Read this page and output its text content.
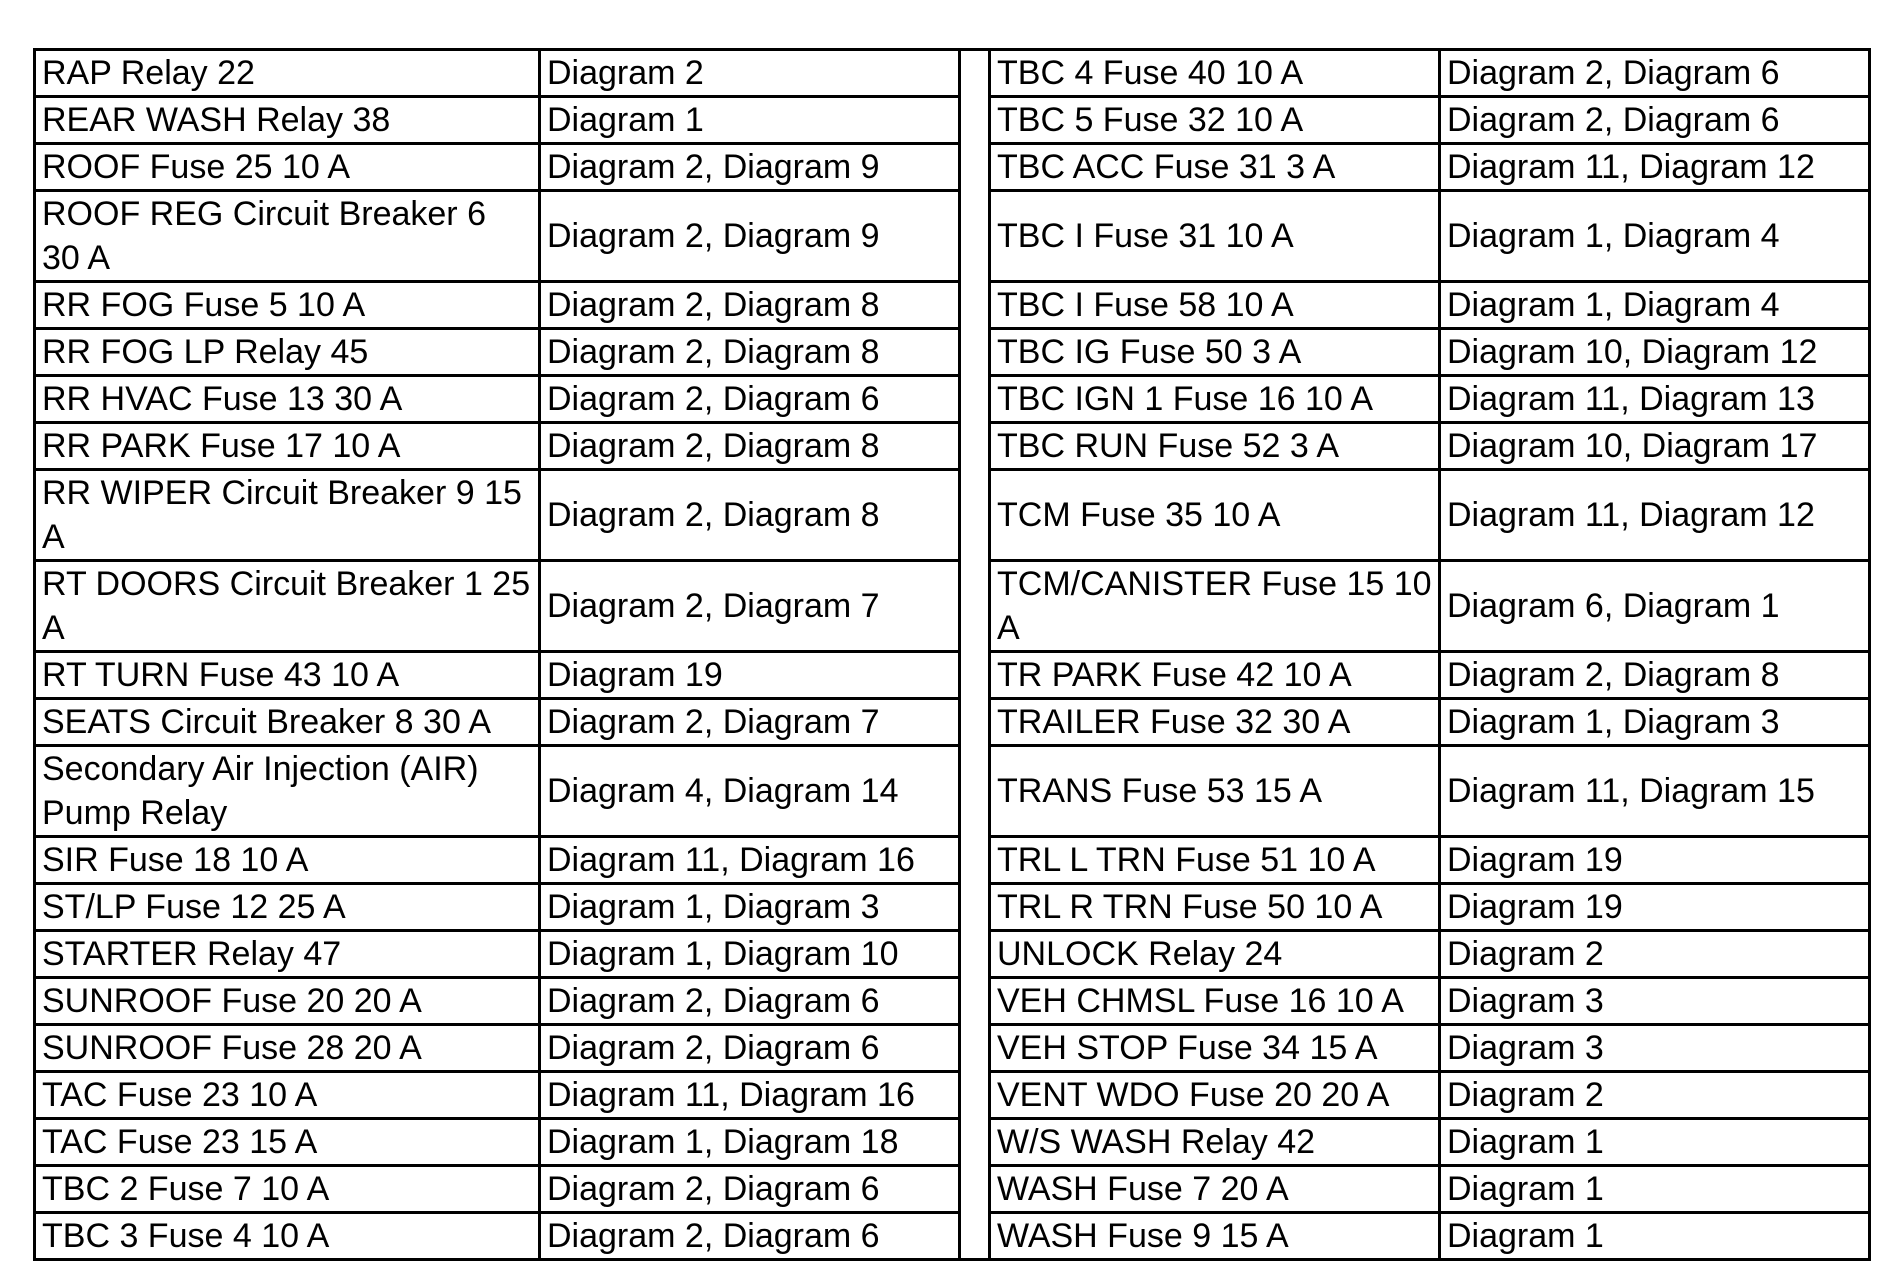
RAP Relay 22	Diagram 2		TBC 4 Fuse 40 10 A	Diagram 2, Diagram 6
REAR WASH Relay 38	Diagram 1		TBC 5 Fuse 32 10 A	Diagram 2, Diagram 6
ROOF Fuse 25 10 A	Diagram 2, Diagram 9		TBC ACC Fuse 31 3 A	Diagram 11, Diagram 12
ROOF REG Circuit Breaker 6 30 A	Diagram 2, Diagram 9		TBC I Fuse 31 10 A	Diagram 1, Diagram 4
RR FOG Fuse 5 10 A	Diagram 2, Diagram 8		TBC I Fuse 58 10 A	Diagram 1, Diagram 4
RR FOG LP Relay 45	Diagram 2, Diagram 8		TBC IG Fuse 50 3 A	Diagram 10, Diagram 12
RR HVAC Fuse 13 30 A	Diagram 2, Diagram 6		TBC IGN 1 Fuse 16 10 A	Diagram 11, Diagram 13
RR PARK Fuse 17 10 A	Diagram 2, Diagram 8		TBC RUN Fuse 52 3 A	Diagram 10, Diagram 17
RR WIPER Circuit Breaker 9 15 A	Diagram 2, Diagram 8		TCM Fuse 35 10 A	Diagram 11, Diagram 12
RT DOORS Circuit Breaker 1 25 A	Diagram 2, Diagram 7		TCM/CANISTER Fuse 15 10 A	Diagram 6, Diagram 1
RT TURN Fuse 43 10 A	Diagram 19		TR PARK Fuse 42 10 A	Diagram 2, Diagram 8
SEATS Circuit Breaker 8 30 A	Diagram 2, Diagram 7		TRAILER Fuse 32 30 A	Diagram 1, Diagram 3
Secondary Air Injection (AIR) Pump Relay	Diagram 4, Diagram 14		TRANS Fuse 53 15 A	Diagram 11, Diagram 15
SIR Fuse 18 10 A	Diagram 11, Diagram 16		TRL L TRN Fuse 51 10 A	Diagram 19
ST/LP Fuse 12 25 A	Diagram 1, Diagram 3		TRL R TRN Fuse 50 10 A	Diagram 19
STARTER Relay 47	Diagram 1, Diagram 10		UNLOCK Relay 24	Diagram 2
SUNROOF Fuse 20 20 A	Diagram 2, Diagram 6		VEH CHMSL Fuse 16 10 A	Diagram 3
SUNROOF Fuse 28 20 A	Diagram 2, Diagram 6		VEH STOP Fuse 34 15 A	Diagram 3
TAC Fuse 23 10 A	Diagram 11, Diagram 16		VENT WDO Fuse 20 20 A	Diagram 2
TAC Fuse 23 15 A	Diagram 1, Diagram 18		W/S WASH Relay 42	Diagram 1
TBC 2 Fuse 7 10 A	Diagram 2, Diagram 6		WASH Fuse 7 20 A	Diagram 1
TBC 3 Fuse 4 10 A	Diagram 2, Diagram 6		WASH Fuse 9 15 A	Diagram 1
